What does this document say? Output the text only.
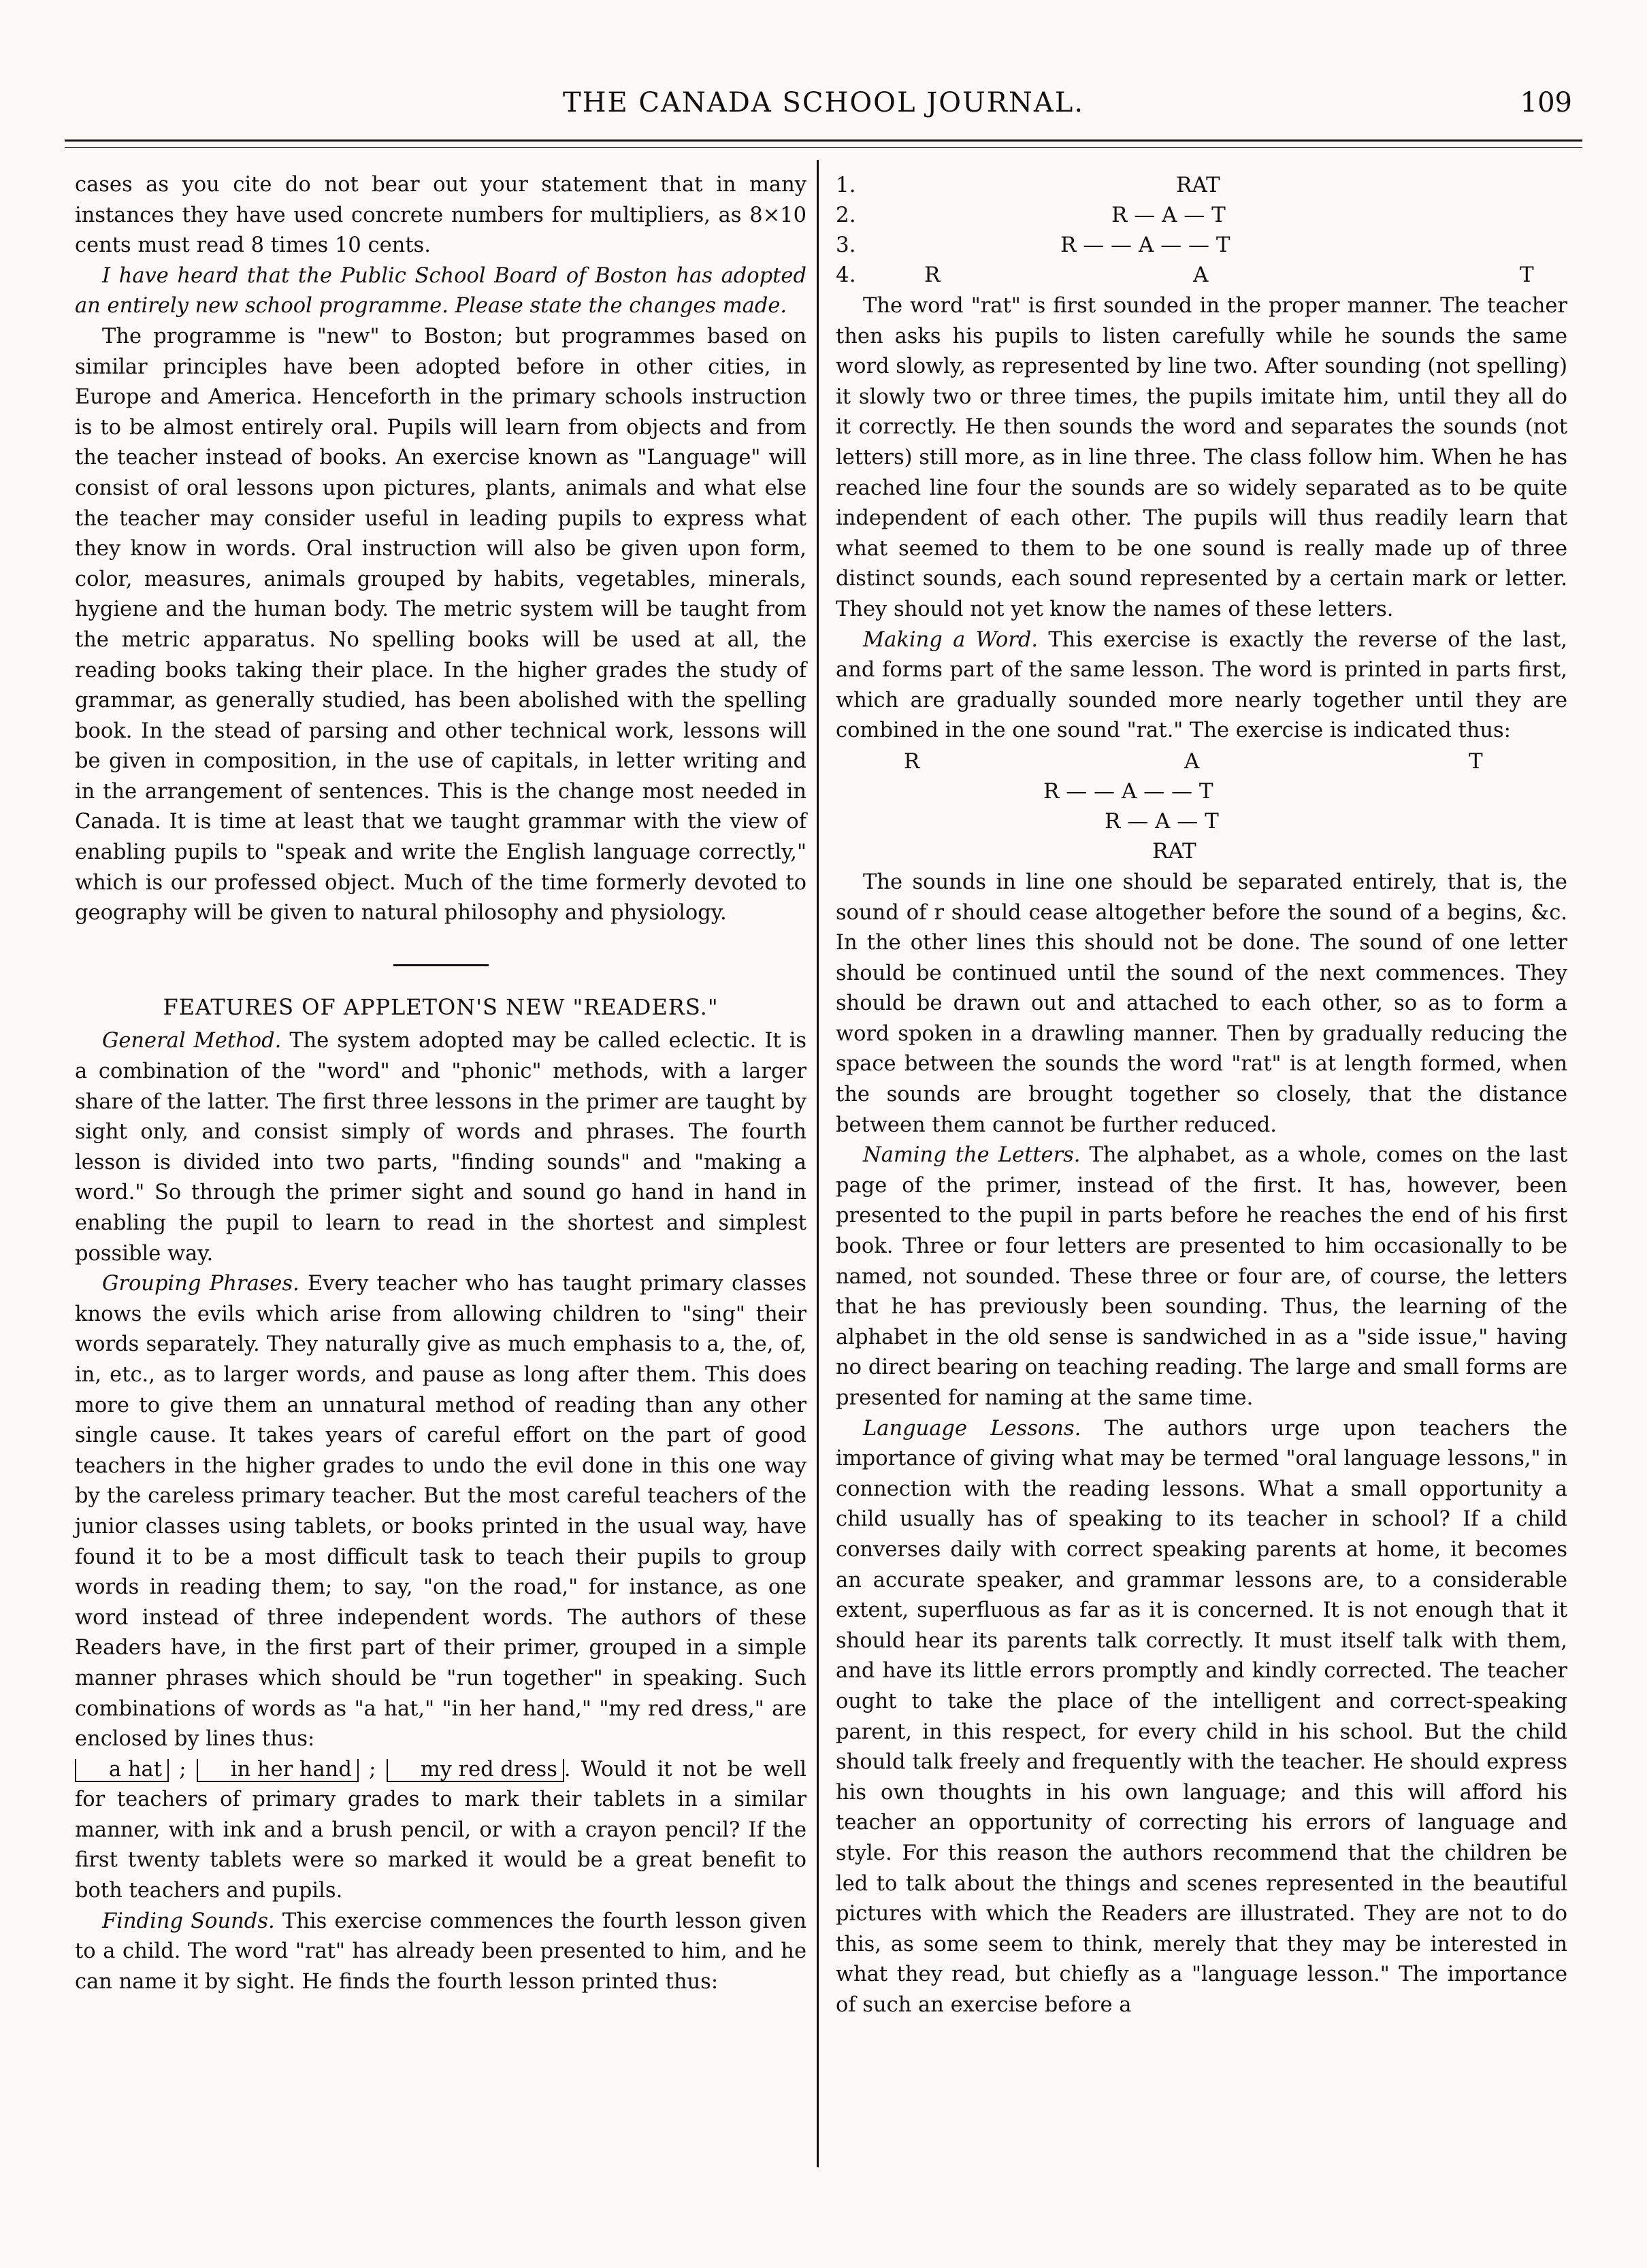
THE CANADA SCHOOL JOURNAL.	109

cases as you cite do not bear out your statement that in many instances they have used concrete numbers for multipliers, as 8×10 cents must read 8 times 10 cents.

I have heard that the Public School Board of Boston has adopted an entirely new school programme. Please state the changes made.

The programme is "new" to Boston; but programmes based on similar principles have been adopted before in other cities, in Europe and America. Henceforth in the primary schools instruction is to be almost entirely oral. Pupils will learn from objects and from the teacher instead of books. An exercise known as "Language" will consist of oral lessons upon pictures, plants, animals and what else the teacher may consider useful in leading pupils to express what they know in words. Oral instruction will also be given upon form, color, measures, animals grouped by habits, vegetables, minerals, hygiene and the human body. The metric system will be taught from the metric apparatus. No spelling books will be used at all, the reading books taking their place. In the higher grades the study of grammar, as generally studied, has been abolished with the spelling book. In the stead of parsing and other technical work, lessons will be given in composition, in the use of capitals, in letter writing and in the arrangement of sentences. This is the change most needed in Canada. It is time at least that we taught grammar with the view of enabling pupils to "speak and write the English language correctly," which is our professed object. Much of the time formerly devoted to geography will be given to natural philosophy and physiology.

FEATURES OF APPLETON'S NEW "READERS."

General Method. The system adopted may be called eclectic. It is a combination of the "word" and "phonic" methods, with a larger share of the latter. The first three lessons in the primer are taught by sight only, and consist simply of words and phrases. The fourth lesson is divided into two parts, "finding sounds" and "making a word." So through the primer sight and sound go hand in hand in enabling the pupil to learn to read in the shortest and simplest possible way.

Grouping Phrases. Every teacher who has taught primary classes knows the evils which arise from allowing children to "sing" their words separately. They naturally give as much emphasis to a, the, of, in, etc., as to larger words, and pause as long after them. This does more to give them an unnatural method of reading than any other single cause. It takes years of careful effort on the part of good teachers in the higher grades to undo the evil done in this one way by the careless primary teacher. But the most careful teachers of the junior classes using tablets, or books printed in the usual way, have found it to be a most difficult task to teach their pupils to group words in reading them; to say, "on the road," for instance, as one word instead of three independent words. The authors of these Readers have, in the first part of their primer, grouped in a simple manner phrases which should be "run together" in speaking. Such combinations of words as "a hat," "in her hand," "my red dress," are enclosed by lines thus:
a hat ; in her hand ; my red dress . Would it not be well for teachers of primary grades to mark their tablets in a similar manner, with ink and a brush pencil, or with a crayon pencil? If the first twenty tablets were so marked it would be a great benefit to both teachers and pupils.

Finding Sounds. This exercise commences the fourth lesson given to a child. The word "rat" has already been presented to him, and he can name it by sight. He finds the fourth lesson printed thus:

1.	RAT
2.	R — A — T
3.	R — — A — — T
4.	R	A	T

The word "rat" is first sounded in the proper manner. The teacher then asks his pupils to listen carefully while he sounds the same word slowly, as represented by line two. After sounding (not spelling) it slowly two or three times, the pupils imitate him, until they all do it correctly. He then sounds the word and separates the sounds (not letters) still more, as in line three. The class follow him. When he has reached line four the sounds are so widely separated as to be quite independent of each other. The pupils will thus readily learn that what seemed to them to be one sound is really made up of three distinct sounds, each sound represented by a certain mark or letter. They should not yet know the names of these letters.

Making a Word. This exercise is exactly the reverse of the last, and forms part of the same lesson. The word is printed in parts first, which are gradually sounded more nearly together until they are combined in the one sound "rat." The exercise is indicated thus:

R	A	T
R — — A — — T
R — A — T
RAT

The sounds in line one should be separated entirely, that is, the sound of r should cease altogether before the sound of a begins, &c. In the other lines this should not be done. The sound of one letter should be continued until the sound of the next commences. They should be drawn out and attached to each other, so as to form a word spoken in a drawling manner. Then by gradually reducing the space between the sounds the word "rat" is at length formed, when the sounds are brought together so closely, that the distance between them cannot be further reduced.

Naming the Letters. The alphabet, as a whole, comes on the last page of the primer, instead of the first. It has, however, been presented to the pupil in parts before he reaches the end of his first book. Three or four letters are presented to him occasionally to be named, not sounded. These three or four are, of course, the letters that he has previously been sounding. Thus, the learning of the alphabet in the old sense is sandwiched in as a "side issue," having no direct bearing on teaching reading. The large and small forms are presented for naming at the same time.

Language Lessons. The authors urge upon teachers the importance of giving what may be termed "oral language lessons," in connection with the reading lessons. What a small opportunity a child usually has of speaking to its teacher in school? If a child converses daily with correct speaking parents at home, it becomes an accurate speaker, and grammar lessons are, to a considerable extent, superfluous as far as it is concerned. It is not enough that it should hear its parents talk correctly. It must itself talk with them, and have its little errors promptly and kindly corrected. The teacher ought to take the place of the intelligent and correct-speaking parent, in this respect, for every child in his school. But the child should talk freely and frequently with the teacher. He should express his own thoughts in his own language; and this will afford his teacher an opportunity of correcting his errors of language and style. For this reason the authors recommend that the children be led to talk about the things and scenes represented in the beautiful pictures with which the Readers are illustrated. They are not to do this, as some seem to think, merely that they may be interested in what they read, but chiefly as a "language lesson." The importance of such an exercise before a
